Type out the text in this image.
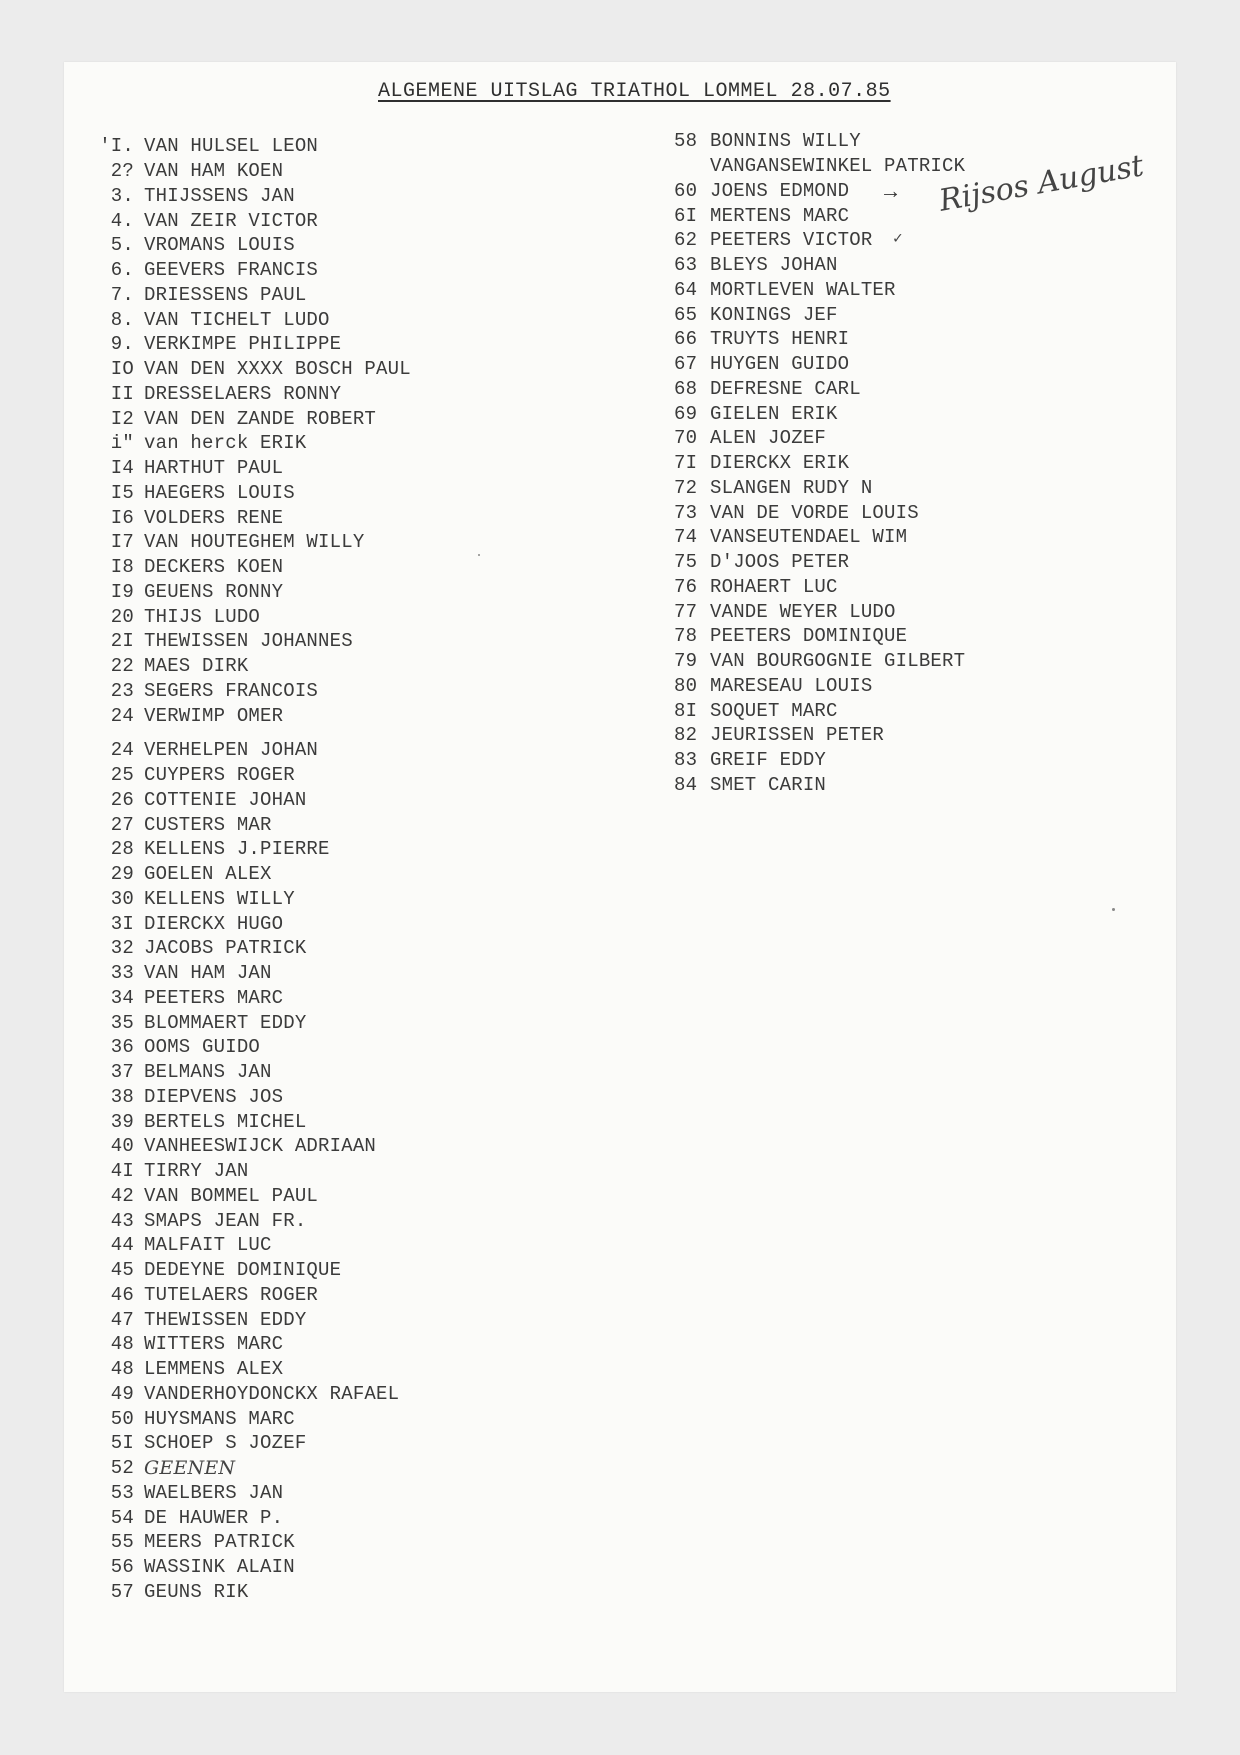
ALGEMENE UITSLAG TRIATHOL LOMMEL 28.07.85
'I. VAN HULSEL LEON
2? VAN HAM KOEN
3. THIJSSENS JAN
4. VAN ZEIR VICTOR
5. VROMANS LOUIS
6. GEEVERS FRANCIS
7. DRIESSENS PAUL
8. VAN TICHELT LUDO
9. VERKIMPE PHILIPPE
IO VAN DEN XXXX BOSCH PAUL
II DRESSELAERS RONNY
I2 VAN DEN ZANDE ROBERT
i" van herck ERIK
I4 HARTHUT PAUL
I5 HAEGERS LOUIS
I6 VOLDERS RENE
I7 VAN HOUTEGHEM WILLY
I8 DECKERS KOEN
I9 GEUENS RONNY
20 THIJS LUDO
2I THEWISSEN JOHANNES
22 MAES DIRK
23 SEGERS FRANCOIS
24 VERWIMP OMER
24 VERHELPEN JOHAN
25 CUYPERS ROGER
26 COTTENIE JOHAN
27 CUSTERS MAR
28 KELLENS J.PIERRE
29 GOELEN ALEX
30 KELLENS WILLY
3I DIERCKX HUGO
32 JACOBS PATRICK
33 VAN HAM JAN
34 PEETERS MARC
35 BLOMMAERT EDDY
36 OOMS GUIDO
37 BELMANS JAN
38 DIEPVENS JOS
39 BERTELS MICHEL
40 VANHEESWIJCK ADRIAAN
4I TIRRY JAN
42 VAN BOMMEL PAUL
43 SMAPS JEAN FR.
44 MALFAIT LUC
45 DEDEYNE DOMINIQUE
46 TUTELAERS ROGER
47 THEWISSEN EDDY
48 WITTERS MARC
48 LEMMENS ALEX
49 VANDERHOYDONCKX RAFAEL
50 HUYSMANS MARC
5I SCHOEP S JOZEF
52 GEENEN
53 WAELBERS JAN
54 DE HAUWER P.
55 MEERS PATRICK
56 WASSINK ALAIN
57 GEUNS RIK
58 BONNINS WILLY
VANGANSEWINKEL PATRICK
60 JOENS EDMOND
6I MERTENS MARC
62 PEETERS VICTOR
63 BLEYS JOHAN
64 MORTLEVEN WALTER
65 KONINGS JEF
66 TRUYTS HENRI
67 HUYGEN GUIDO
68 DEFRESNE CARL
69 GIELEN ERIK
70 ALEN JOZEF
7I DIERCKX ERIK
72 SLANGEN RUDY N
73 VAN DE VORDE LOUIS
74 VANSEUTENDAEL WIM
75 D'JOOS PETER
76 ROHAERT LUC
77 VANDE WEYER LUDO
78 PEETERS DOMINIQUE
79 VAN BOURGOGNIE GILBERT
80 MARESEAU LOUIS
8I SOQUET MARC
82 JEURISSEN PETER
83 GREIF EDDY
84 SMET CARIN
→ Rijsos August
✓
